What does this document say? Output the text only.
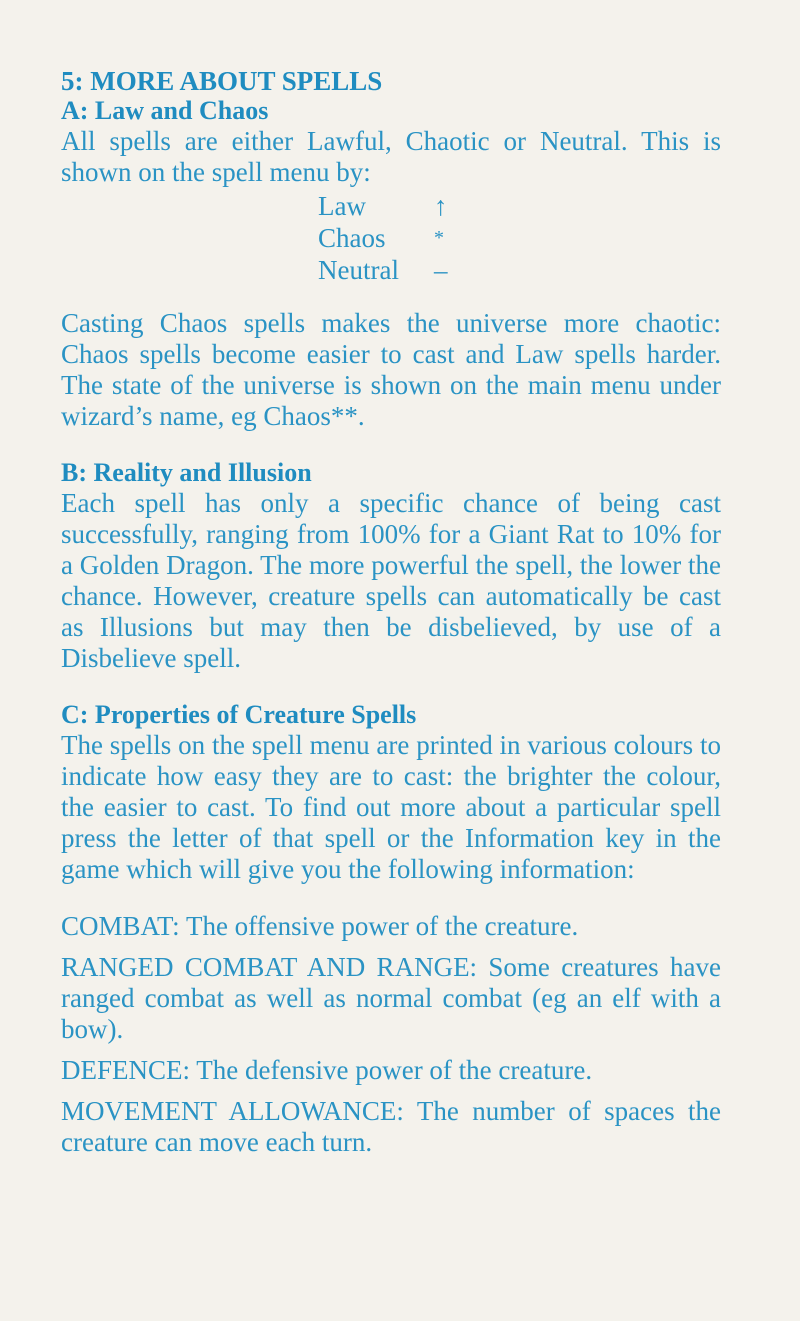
5: MORE ABOUT SPELLS
A: Law and Chaos

All spells are either Lawful, Chaotic or Neutral. This is shown on the spell menu by:

Law	↑
Chaos	*
Neutral	–

Casting Chaos spells makes the universe more chaotic: Chaos spells become easier to cast and Law spells harder. The state of the universe is shown on the main menu under wizard’s name, eg Chaos**.

B: Reality and Illusion

Each spell has only a specific chance of being cast successfully, ranging from 100% for a Giant Rat to 10% for a Golden Dragon. The more powerful the spell, the lower the chance. However, creature spells can automatically be cast as Illusions but may then be disbelieved, by use of a Disbelieve spell.

C: Properties of Creature Spells

The spells on the spell menu are printed in various colours to indicate how easy they are to cast: the brighter the colour, the easier to cast. To find out more about a particular spell press the letter of that spell or the Information key in the game which will give you the following information:

COMBAT: The offensive power of the creature.

RANGED COMBAT AND RANGE: Some creatures have ranged combat as well as normal combat (eg an elf with a bow).

DEFENCE: The defensive power of the creature.

MOVEMENT ALLOWANCE: The number of spaces the creature can move each turn.
